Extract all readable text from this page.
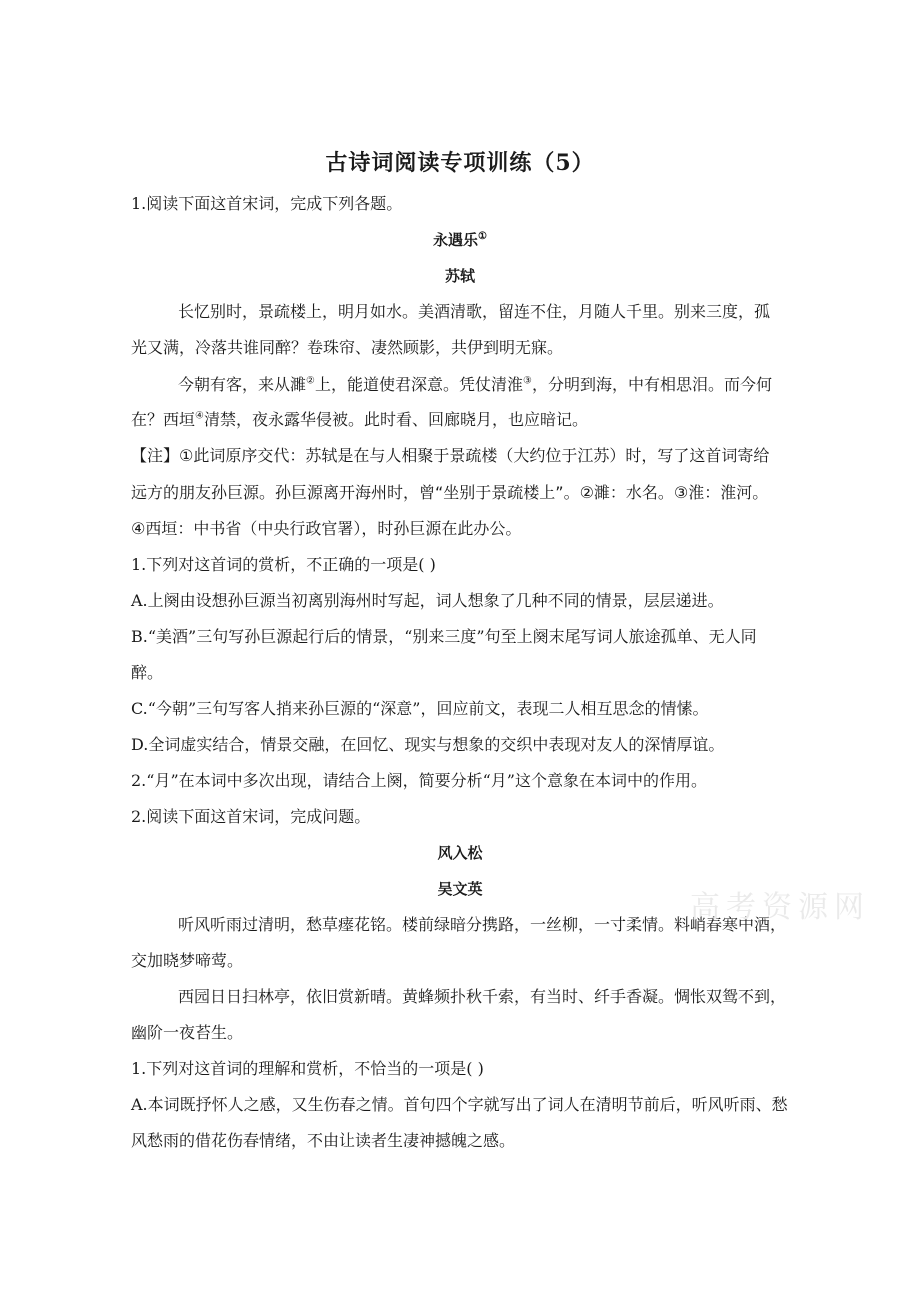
古诗词阅读专项训练（5）
1.阅读下面这首宋词，完成下列各题。
永遇乐①
苏轼
长忆别时，景疏楼上，明月如水。美酒清歌，留连不住，月随人千里。别来三度，孤
光又满，冷落共谁同醉？卷珠帘、凄然顾影，共伊到明无寐。
今朝有客，来从濉②上，能道使君深意。凭仗清淮③，分明到海，中有相思泪。而今何
在？西垣④清禁，夜永露华侵被。此时看、回廊晓月，也应暗记。
【注】①此词原序交代：苏轼是在与人相聚于景疏楼（大约位于江苏）时，写了这首词寄给
远方的朋友孙巨源。孙巨源离开海州时，曾“坐别于景疏楼上”。②濉：水名。③淮：淮河。
④西垣：中书省（中央行政官署），时孙巨源在此办公。
1.下列对这首词的赏析，不正确的一项是( )
A.上阕由设想孙巨源当初离别海州时写起，词人想象了几种不同的情景，层层递进。
B.“美酒”三句写孙巨源起行后的情景，“别来三度”句至上阕末尾写词人旅途孤单、无人同
醉。
C.“今朝”三句写客人捎来孙巨源的“深意”，回应前文，表现二人相互思念的情愫。
D.全词虚实结合，情景交融，在回忆、现实与想象的交织中表现对友人的深情厚谊。
2.“月”在本词中多次出现，请结合上阕，简要分析“月”这个意象在本词中的作用。
2.阅读下面这首宋词，完成问题。
风入松
吴文英
听风听雨过清明，愁草瘗花铭。楼前绿暗分携路，一丝柳，一寸柔情。料峭春寒中酒，
交加晓梦啼莺。
西园日日扫林亭，依旧赏新晴。黄蜂频扑秋千索，有当时、纤手香凝。惆怅双鸳不到，
幽阶一夜苔生。
1.下列对这首词的理解和赏析，不恰当的一项是( )
A.本词既抒怀人之感，又生伤春之情。首句四个字就写出了词人在清明节前后，听风听雨、愁
风愁雨的借花伤春情绪，不由让读者生凄神撼魄之感。
高考资源网
